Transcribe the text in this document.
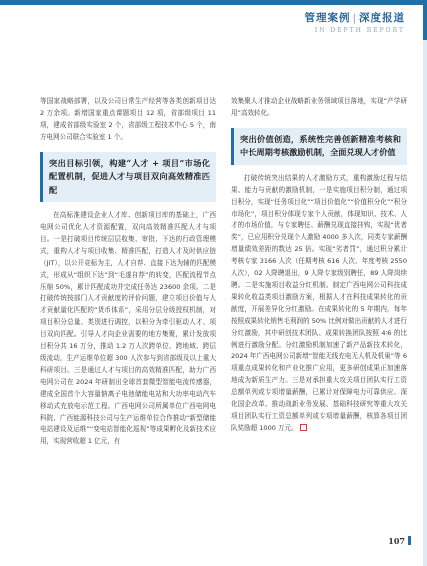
管理案例 | 深度报道
IN DEPTH REPORT

等国家战略部署，以及公司日常生产经营等各类创新项目达 2 万余项。新增国家重点课题项目 12 项，省部级项目 11 项，建成省部级实验室 2 个，省部级工程技术中心 5 个，南方电网公司联合实验室 1 个。

突出目标引领，构建“人才 + 项目”市场化配置机制，促进人才与项目双向高效精准匹配

在高标准建设企业人才库、创新项目库的基础上，广西电网公司优化人才资源配置，双向高效精准匹配人才与项目。一是打破项目传统层层收集、审批、下达的行政管理模式，重构人才与项目收集、精准匹配，打造人才及时供应链（JIT），以公开竞标为主，人才自荐、直接下达为辅的匹配模式，形成从“组织下达”到“毛遂自荐”的转变，匹配流程节点压缩 50%，累计匹配成功并完成任务达 23600 余项。二是打破传统按部门人才贡献度的评价问题，建立项目价值与人才贡献量化匹配的“货币体系”，采用分层分级授权机制，对项目积分总量、类别进行调控，以积分为牵引驱动人才、项目双向匹配。引导人才向企业需要的地方集聚，累计发放项目积分共 16 万分，推动 1.2 万人次跨单位、跨地域、跨层级流动，生产运维单位超 300 人次参与到省部级及以上重大科研项目。三是通过人才与项目的高效精准匹配，助力广西电网公司在 2024 年研制出全球首套微型智能电流传感器，建成全国首个大容量钠离子电池储能电站和大功率电动汽车移动式充放电示范工程。广西电网公司所属单位广西电网电科院、广西能源科技公司与生产运维单位合作推动“新型储能电站建设及运维”“变电站智能化巡视”等成果孵化及新技术应用，实现营收超 1 亿元，有

效集聚人才推动企业战略新业务领域项目落地，实现“产学研用”高效转化。

突出价值创造，系统性完善创新精准考核和中长周期考核激励机制，全面兑现人才价值

打破传统突出结果的人才激励方式，重构激励过程与结果、能力与贡献的激励机制，一是实施项目积分制，通过项目积分，实现“任务项目化”“项目价值化”“价值积分化”“积分市场化”，项目积分体现专家个人贡献，体现知识、技术、人才的市场价值，与专家聘任、薪酬兑现直接挂钩，实现“优者奖”，已应用积分兑现个人激励 4000 多人次，同类专家薪酬增量绩效差距的数达 25 倍。实现“劣者罚”，通过积分累计考核专家 3166 人次（任期考核 616 人次、年度考核 2550 人次），02 人降聘退出，9 人降专家级别聘任，89 人降岗续聘。二是实施项目收益分红机制。制定广西电网公司科技成果转化收益类项目激励方案，根据人才在科技成果转化的贡献度，开展差异化分红激励。在成果转化的 5 年期内，每年按照成果转化销售毛利润的 50% 比例对做出贡献的人才进行分红激励，其中研创技术团队、成果转换团队按照 4∶6 的比例进行激励分配。分红激励机制加速了新产品新技术转化，2024 年广西电网公司新增“智能无线充电无人机及机巢”等 6 项重点成果转化和产业化推广应用，更多研创成果正加速落地成为新质生产力。三是对承担重大攻关项目团队实行工资总额单列或专项增量薪酬，已累计对保障电力可靠供应、深化国企改革、推动战新业务发展、基础科技研究等重大攻关项目团队实行工资总额单列或专项增量薪酬，核算各项目团队奖励超 1000 万元。

107
